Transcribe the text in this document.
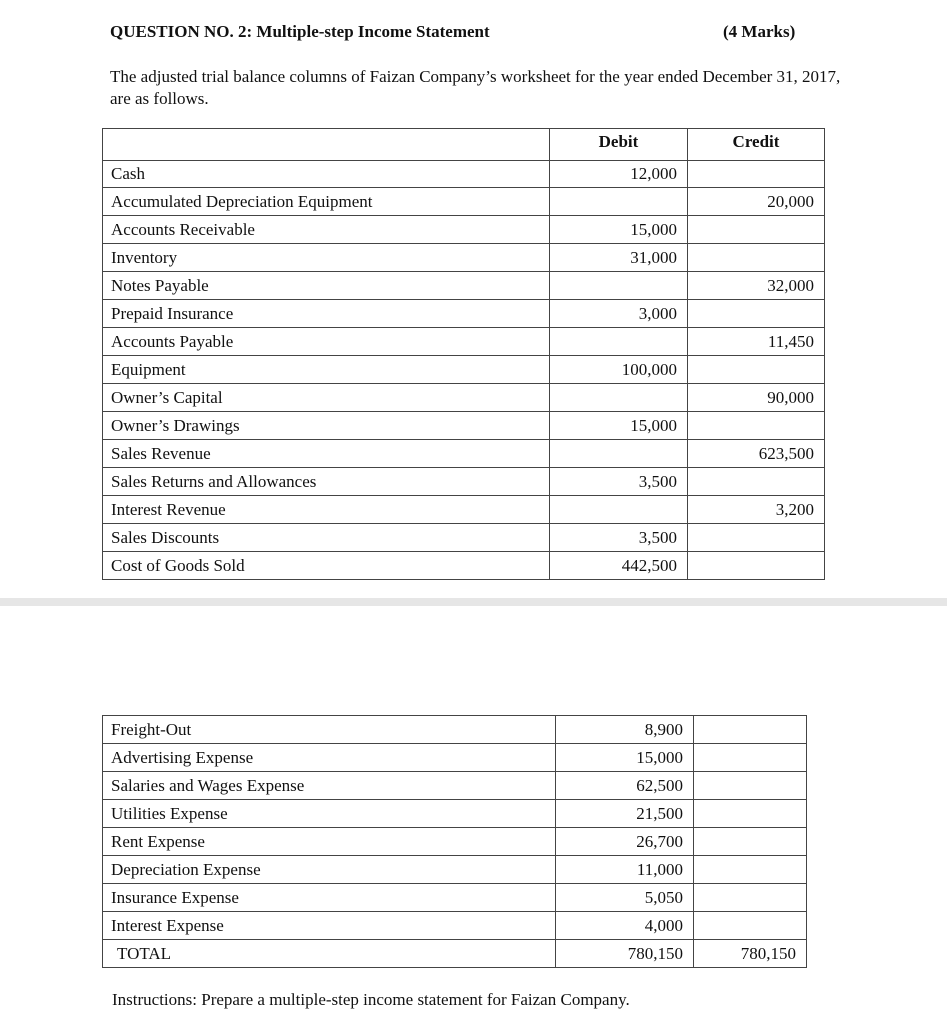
QUESTION NO. 2: Multiple-step Income Statement	(4 Marks)
The adjusted trial balance columns of Faizan Company’s worksheet for the year ended December 31, 2017, are as follows.
	Debit	Credit
Cash	12,000	
Accumulated Depreciation Equipment		20,000
Accounts Receivable	15,000	
Inventory	31,000	
Notes Payable		32,000
Prepaid Insurance	3,000	
Accounts Payable		11,450
Equipment	100,000	
Owner’s Capital		90,000
Owner’s Drawings	15,000	
Sales Revenue		623,500
Sales Returns and Allowances	3,500	
Interest Revenue		3,200
Sales Discounts	3,500	
Cost of Goods Sold	442,500	
Freight-Out	8,900	
Advertising Expense	15,000	
Salaries and Wages Expense	62,500	
Utilities Expense	21,500	
Rent Expense	26,700	
Depreciation Expense	11,000	
Insurance Expense	5,050	
Interest Expense	4,000	
TOTAL	780,150	780,150
Instructions: Prepare a multiple-step income statement for Faizan Company.
